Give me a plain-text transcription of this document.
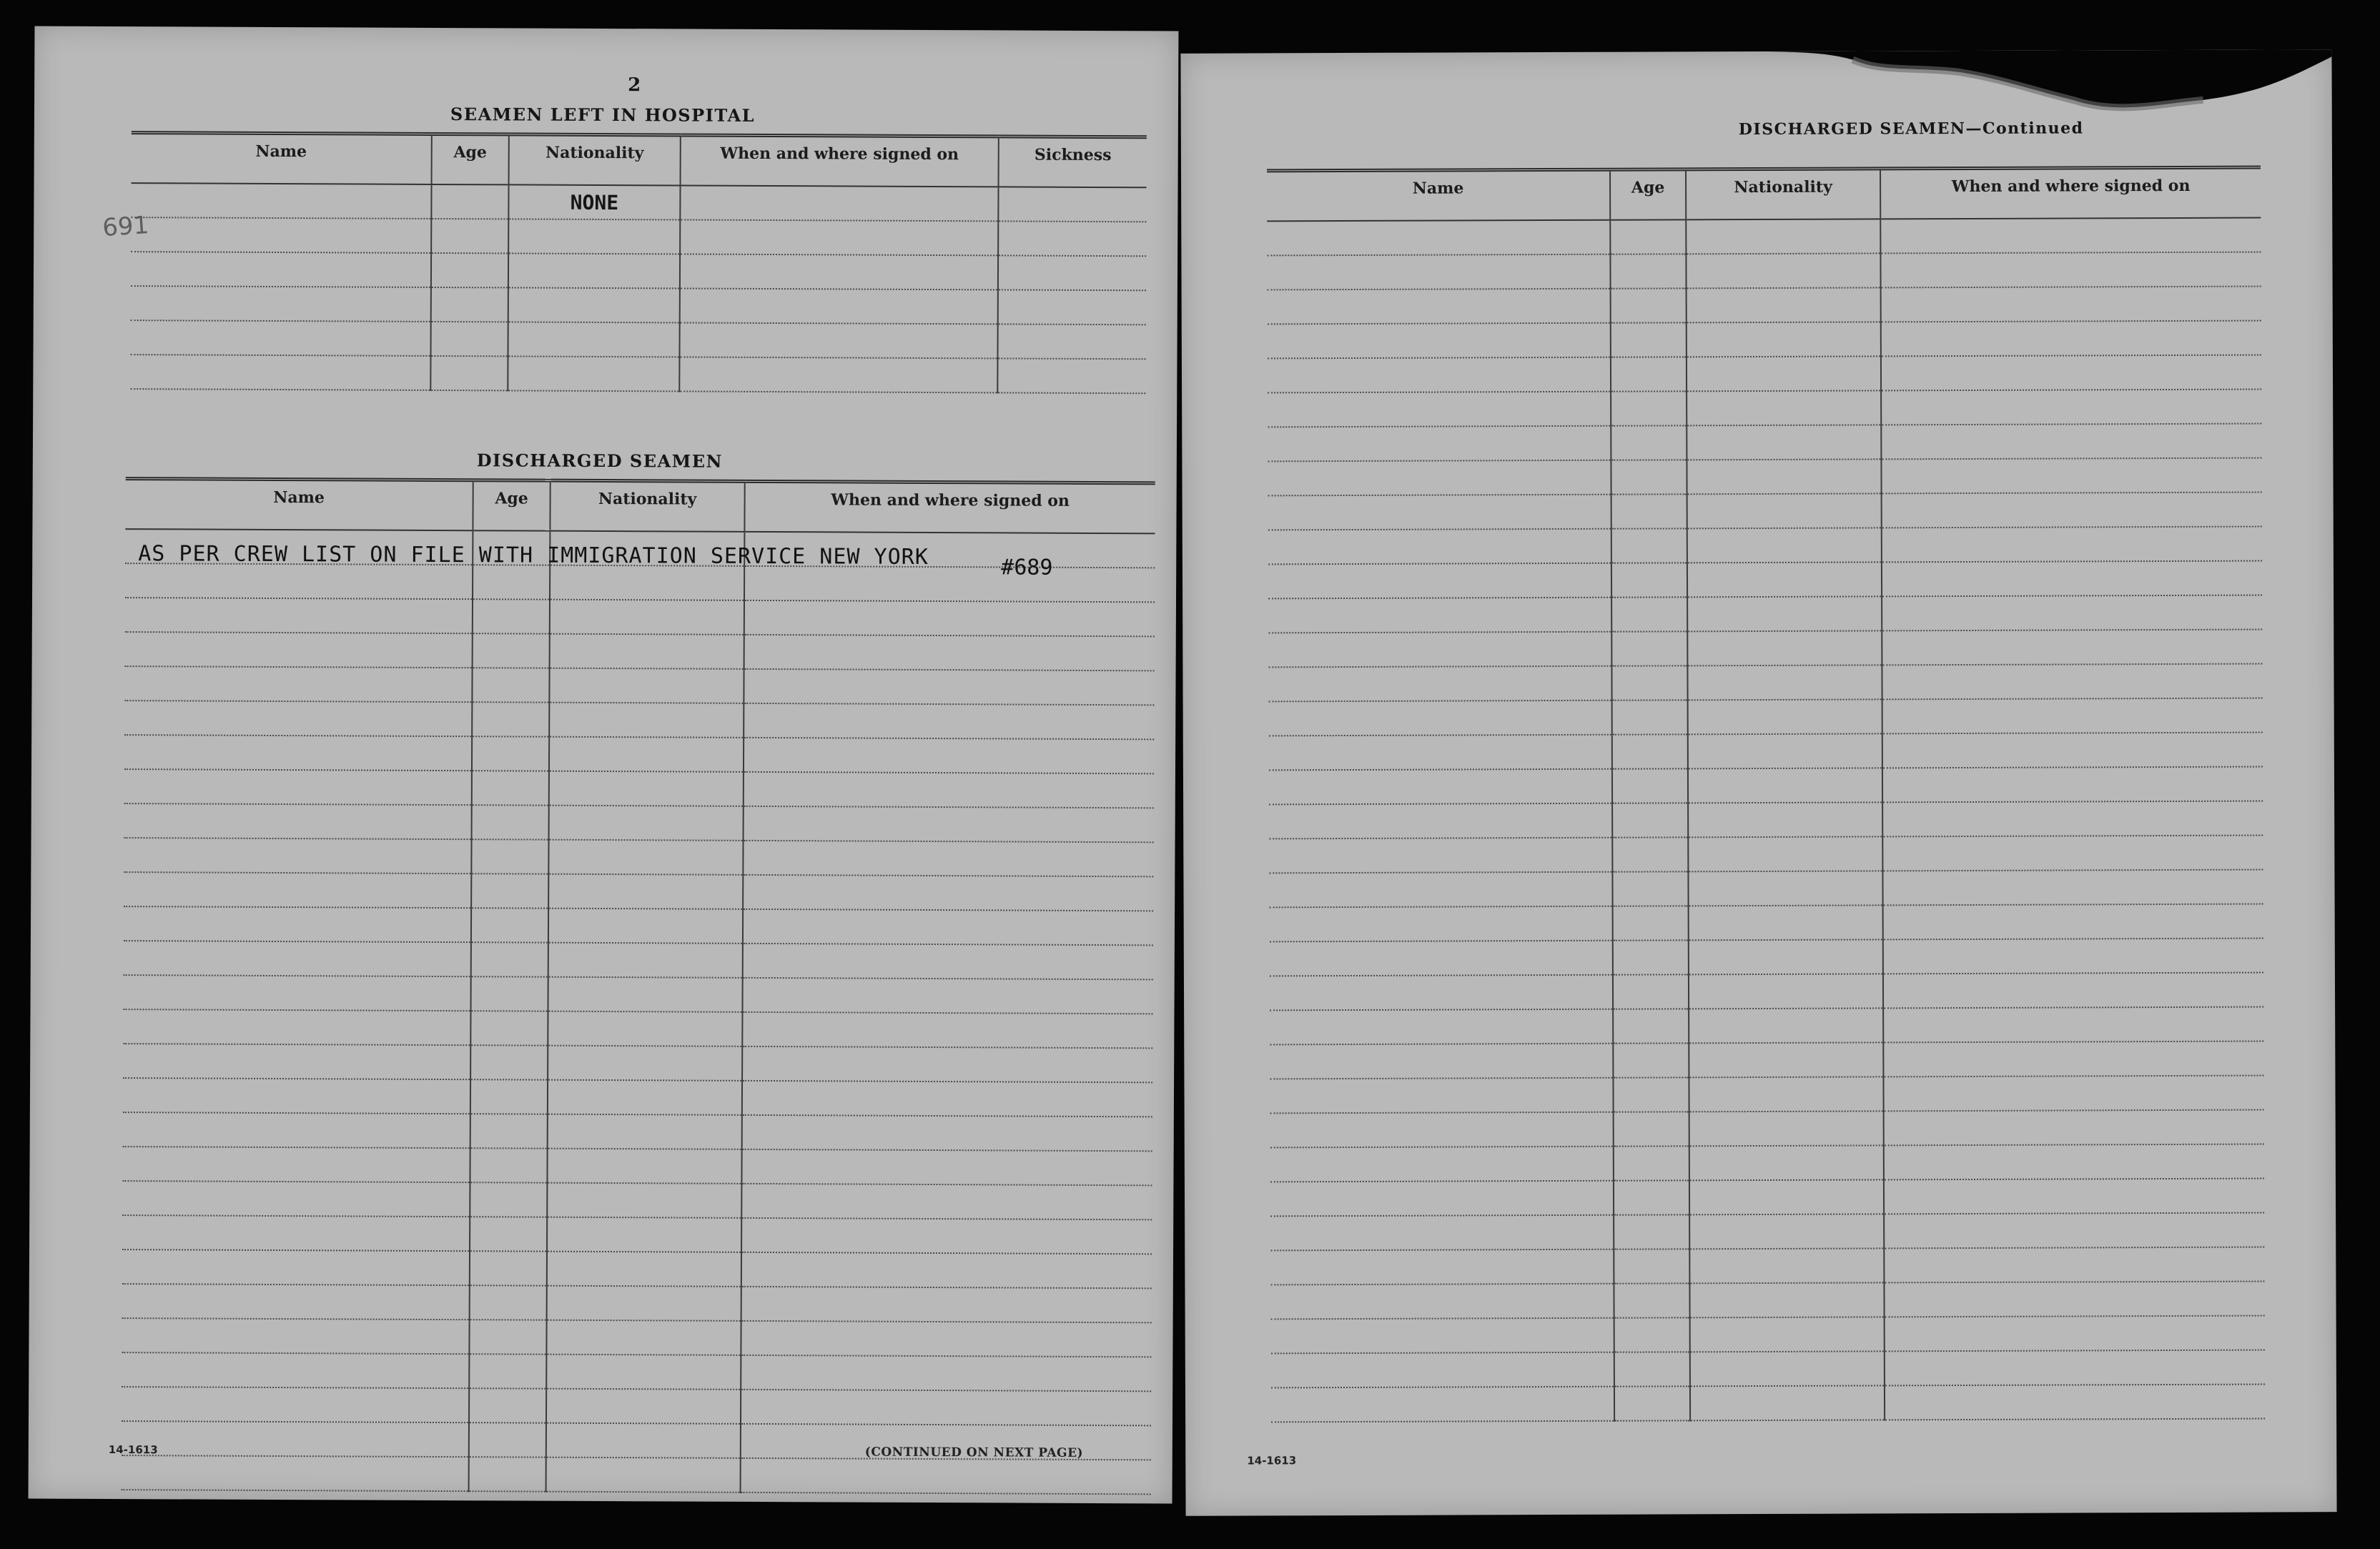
2
SEAMEN LEFT IN HOSPITAL
691
Name	Age	Nationality	When and where signed on	Sickness
		NONE		

DISCHARGED SEAMEN
Name	Age	Nationality	When and where signed on

AS PER CREW LIST ON FILE WITH IMMIGRATION SERVICE NEW YORK	#689
14-1613	(CONTINUED ON NEXT PAGE)
DISCHARGED SEAMEN—Continued
Name	Age	Nationality	When and where signed on

14-1613
